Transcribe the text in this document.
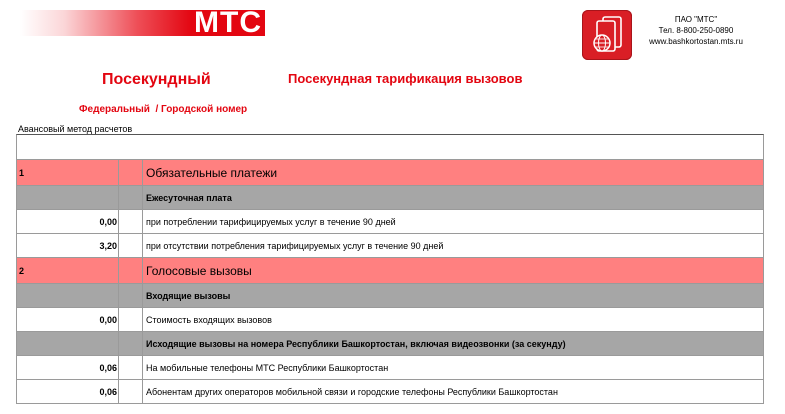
МТС	ПАО "МТС"
Тел. 8-800-250-0890
www.bashkortostan.mts.ru
Посекундный	Посекундная тарификация вызовов
Федеральный  / Городской номер
Авансовый метод расчетов
1	Обязательные платежи
Ежесуточная плата
0,00	при потреблении тарифицируемых услуг в течение 90 дней
3,20	при отсутствии потребления тарифицируемых услуг в течение 90 дней
2	Голосовые вызовы
Входящие вызовы
0,00	Стоимость входящих вызовов
Исходящие вызовы на номера Республики Башкортостан, включая видеозвонки (за секунду)
0,06	На мобильные телефоны МТС Республики Башкортостан
0,06	Абонентам других операторов мобильной связи и городские телефоны Республики Башкортостан
